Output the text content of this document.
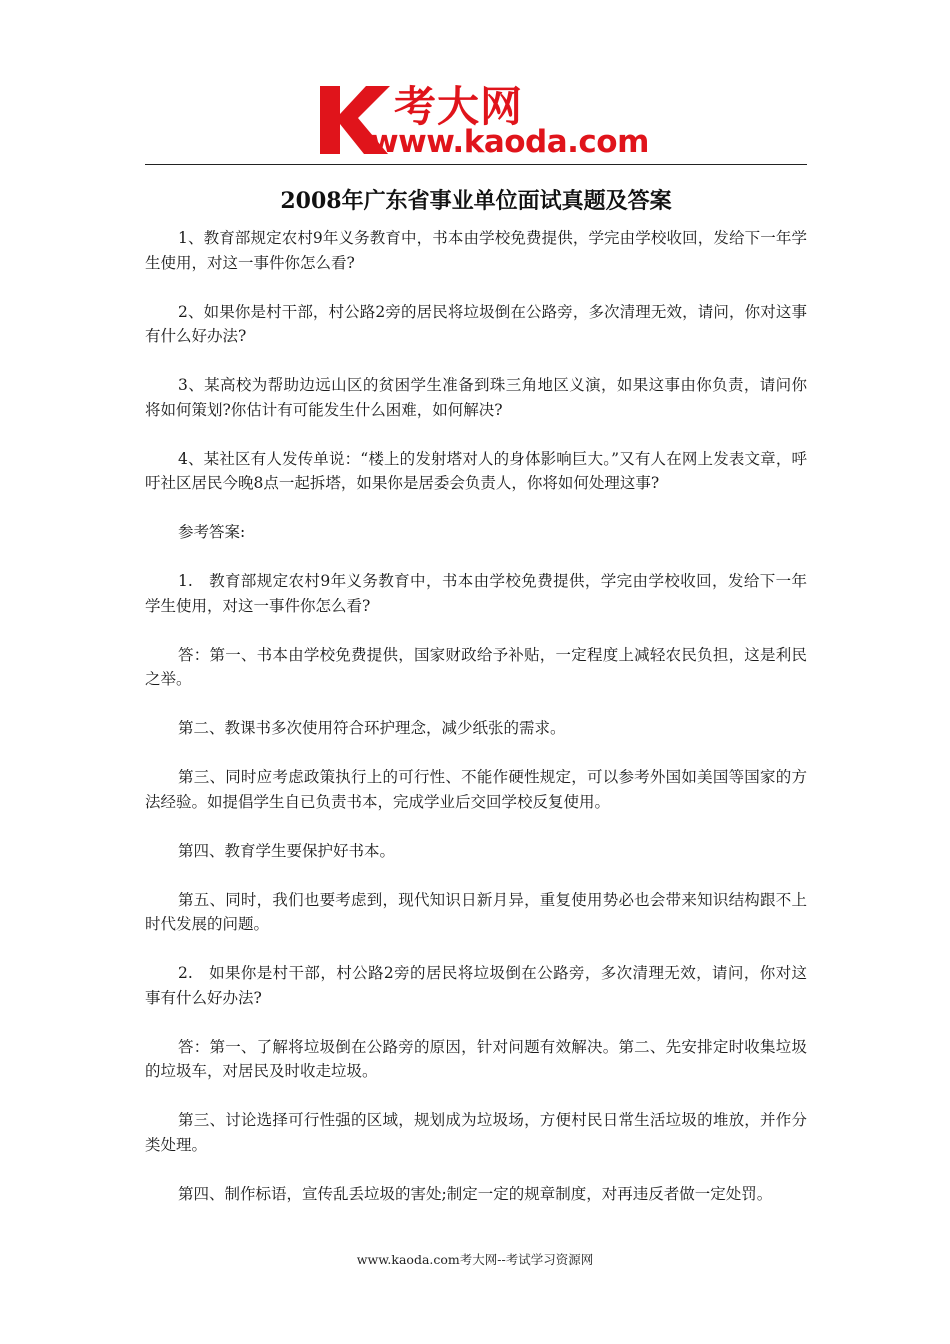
考大网
www.kaoda.com
2008年广东省事业单位面试真题及答案

1、教育部规定农村9年义务教育中，书本由学校免费提供，学完由学校收回，发给下一年学生使用，对这一事件你怎么看?

2、如果你是村干部，村公路2旁的居民将垃圾倒在公路旁，多次清理无效，请问，你对这事有什么好办法?

3、某高校为帮助边远山区的贫困学生准备到珠三角地区义演，如果这事由你负责，请问你将如何策划?你估计有可能发生什么困难，如何解决?

4、某社区有人发传单说：“楼上的发射塔对人的身体影响巨大。”又有人在网上发表文章，呼吁社区居民今晚8点一起拆塔，如果你是居委会负责人，你将如何处理这事?

参考答案:

1.　教育部规定农村9年义务教育中，书本由学校免费提供，学完由学校收回，发给下一年学生使用，对这一事件你怎么看?

答：第一、书本由学校免费提供，国家财政给予补贴，一定程度上减轻农民负担，这是利民之举。

第二、教课书多次使用符合环护理念，减少纸张的需求。

第三、同时应考虑政策执行上的可行性、不能作硬性规定，可以参考外国如美国等国家的方法经验。如提倡学生自已负责书本，完成学业后交回学校反复使用。

第四、教育学生要保护好书本。

第五、同时，我们也要考虑到，现代知识日新月异，重复使用势必也会带来知识结构跟不上时代发展的问题。

2.　如果你是村干部，村公路2旁的居民将垃圾倒在公路旁，多次清理无效，请问，你对这事有什么好办法?

答：第一、了解将垃圾倒在公路旁的原因，针对问题有效解决。第二、先安排定时收集垃圾的垃圾车，对居民及时收走垃圾。

第三、讨论选择可行性强的区域，规划成为垃圾场，方便村民日常生活垃圾的堆放，并作分类处理。

第四、制作标语，宣传乱丢垃圾的害处;制定一定的规章制度，对再违反者做一定处罚。

www.kaoda.com考大网--考试学习资源网
